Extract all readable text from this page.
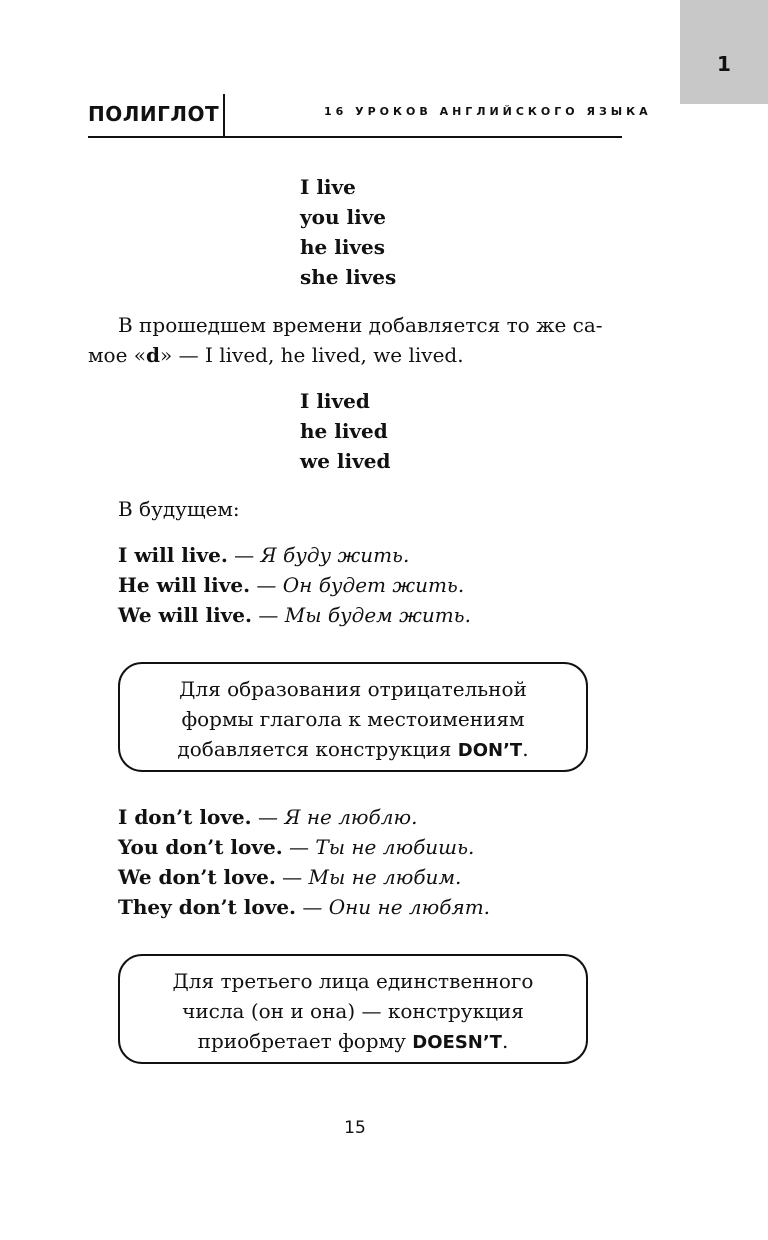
1
ПОЛИГЛОТ	16 УРОКОВ АНГЛИЙСКОГО ЯЗЫКА
I live
you live
he lives
she lives
В прошедшем времени добавляется то же са-
мое «d» — I lived, he lived, we lived.
I lived
he lived
we lived
В будущем:
I will live. — Я буду жить.
He will live. — Он будет жить.
We will live. — Мы будем жить.
Для образования отрицательной
формы глагола к местоимениям
добавляется конструкция DON’T.
I don’t love. — Я не люблю.
You don’t love. — Ты не любишь.
We don’t love. — Мы не любим.
They don’t love. — Они не любят.
Для третьего лица единственного
числа (он и она) — конструкция
приобретает форму DOESN’T.
15
